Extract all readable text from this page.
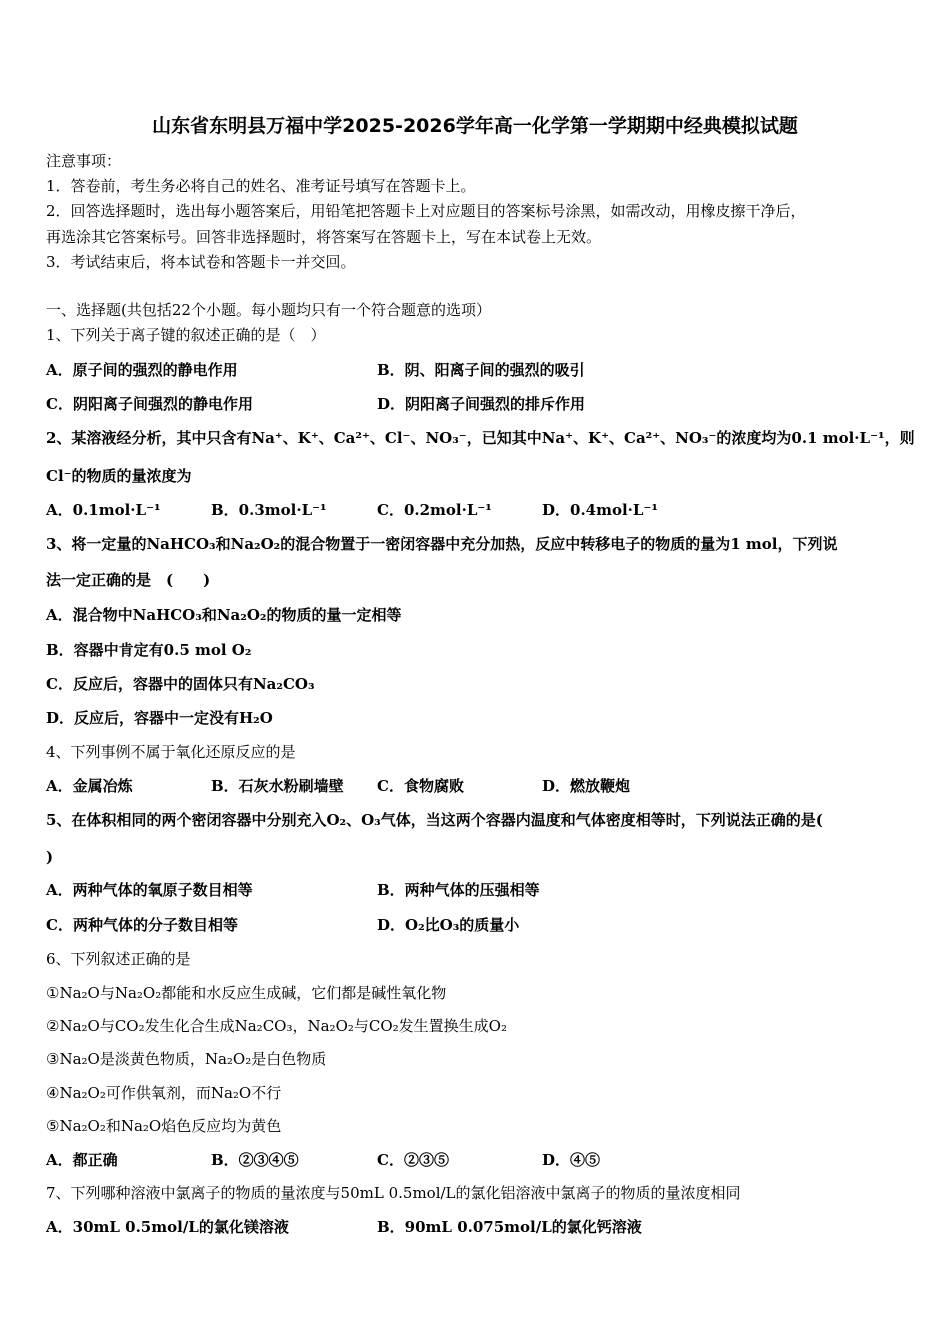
山东省东明县万福中学2025-2026学年高一化学第一学期期中经典模拟试题
注意事项：
1．答卷前，考生务必将自己的姓名、准考证号填写在答题卡上。
2．回答选择题时，选出每小题答案后，用铅笔把答题卡上对应题目的答案标号涂黑，如需改动，用橡皮擦干净后，
再选涂其它答案标号。回答非选择题时，将答案写在答题卡上，写在本试卷上无效。
3．考试结束后，将本试卷和答题卡一并交回。
一、选择题(共包括22个小题。每小题均只有一个符合题意的选项）
1、下列关于离子键的叙述正确的是（　）
A．原子间的强烈的静电作用	B．阴、阳离子间的强烈的吸引
C．阴阳离子间强烈的静电作用	D．阴阳离子间强烈的排斥作用
2、某溶液经分析，其中只含有Na⁺、K⁺、Ca²⁺、Cl⁻、NO₃⁻，已知其中Na⁺、K⁺、Ca²⁺、NO₃⁻的浓度均为0.1 mol·L⁻¹，则
Cl⁻的物质的量浓度为
A．0.1mol·L⁻¹	B．0.3mol·L⁻¹	C．0.2mol·L⁻¹	D．0.4mol·L⁻¹
3、将一定量的NaHCO₃和Na₂O₂的混合物置于一密闭容器中充分加热，反应中转移电子的物质的量为1 mol，下列说
法一定正确的是　(　　)
A．混合物中NaHCO₃和Na₂O₂的物质的量一定相等
B．容器中肯定有0.5 mol O₂
C．反应后，容器中的固体只有Na₂CO₃
D．反应后，容器中一定没有H₂O
4、下列事例不属于氧化还原反应的是
A．金属冶炼	B．石灰水粉刷墙壁 C．食物腐败	D．燃放鞭炮
5、在体积相同的两个密闭容器中分别充入O₂、O₃气体，当这两个容器内温度和气体密度相等时，下列说法正确的是(
)
A．两种气体的氧原子数目相等	B．两种气体的压强相等
C．两种气体的分子数目相等	D．O₂比O₃的质量小
6、下列叙述正确的是
①Na₂O与Na₂O₂都能和水反应生成碱，它们都是碱性氧化物
②Na₂O与CO₂发生化合生成Na₂CO₃，Na₂O₂与CO₂发生置换生成O₂
③Na₂O是淡黄色物质，Na₂O₂是白色物质
④Na₂O₂可作供氧剂，而Na₂O不行
⑤Na₂O₂和Na₂O焰色反应均为黄色
A．都正确	B．②③④⑤	C．②③⑤	D．④⑤
7、下列哪种溶液中氯离子的物质的量浓度与50mL 0.5mol/L的氯化铝溶液中氯离子的物质的量浓度相同
A．30mL 0.5mol/L的氯化镁溶液	B．90mL 0.075mol/L的氯化钙溶液
